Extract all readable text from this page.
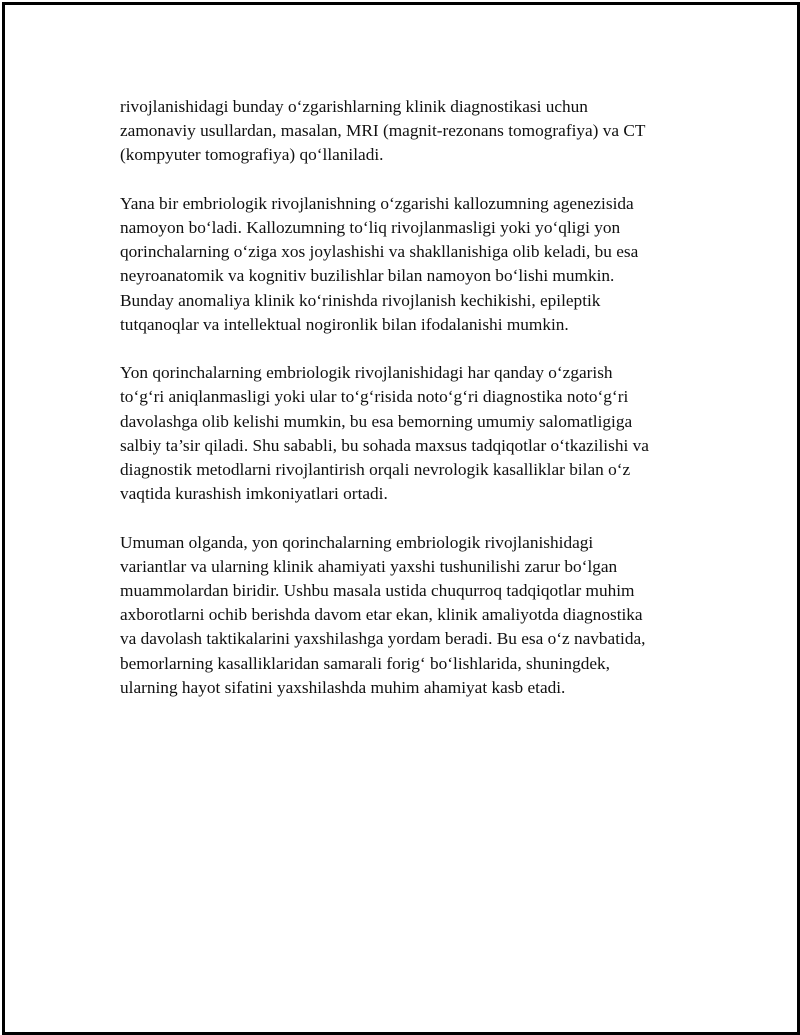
rivojlanishidagi bunday o‘zgarishlarning klinik diagnostikasi uchun
zamonaviy usullardan, masalan, MRI (magnit-rezonans tomografiya) va CT
(kompyuter tomografiya) qo‘llaniladi.

Yana bir embriologik rivojlanishning o‘zgarishi kallozumning agenezisida
namoyon bo‘ladi. Kallozumning to‘liq rivojlanmasligi yoki yo‘qligi yon
qorinchalarning o‘ziga xos joylashishi va shakllanishiga olib keladi, bu esa
neyroanatomik va kognitiv buzilishlar bilan namoyon bo‘lishi mumkin.
Bunday anomaliya klinik ko‘rinishda rivojlanish kechikishi, epileptik
tutqanoqlar va intellektual nogironlik bilan ifodalanishi mumkin.

Yon qorinchalarning embriologik rivojlanishidagi har qanday o‘zgarish
to‘g‘ri aniqlanmasligi yoki ular to‘g‘risida noto‘g‘ri diagnostika noto‘g‘ri
davolashga olib kelishi mumkin, bu esa bemorning umumiy salomatligiga
salbiy ta’sir qiladi. Shu sababli, bu sohada maxsus tadqiqotlar o‘tkazilishi va
diagnostik metodlarni rivojlantirish orqali nevrologik kasalliklar bilan o‘z
vaqtida kurashish imkoniyatlari ortadi.

Umuman olganda, yon qorinchalarning embriologik rivojlanishidagi
variantlar va ularning klinik ahamiyati yaxshi tushunilishi zarur bo‘lgan
muammolardan biridir. Ushbu masala ustida chuqurroq tadqiqotlar muhim
axborotlarni ochib berishda davom etar ekan, klinik amaliyotda diagnostika
va davolash taktikalarini yaxshilashga yordam beradi. Bu esa o‘z navbatida,
bemorlarning kasalliklaridan samarali forig‘ bo‘lishlarida, shuningdek,
ularning hayot sifatini yaxshilashda muhim ahamiyat kasb etadi.
